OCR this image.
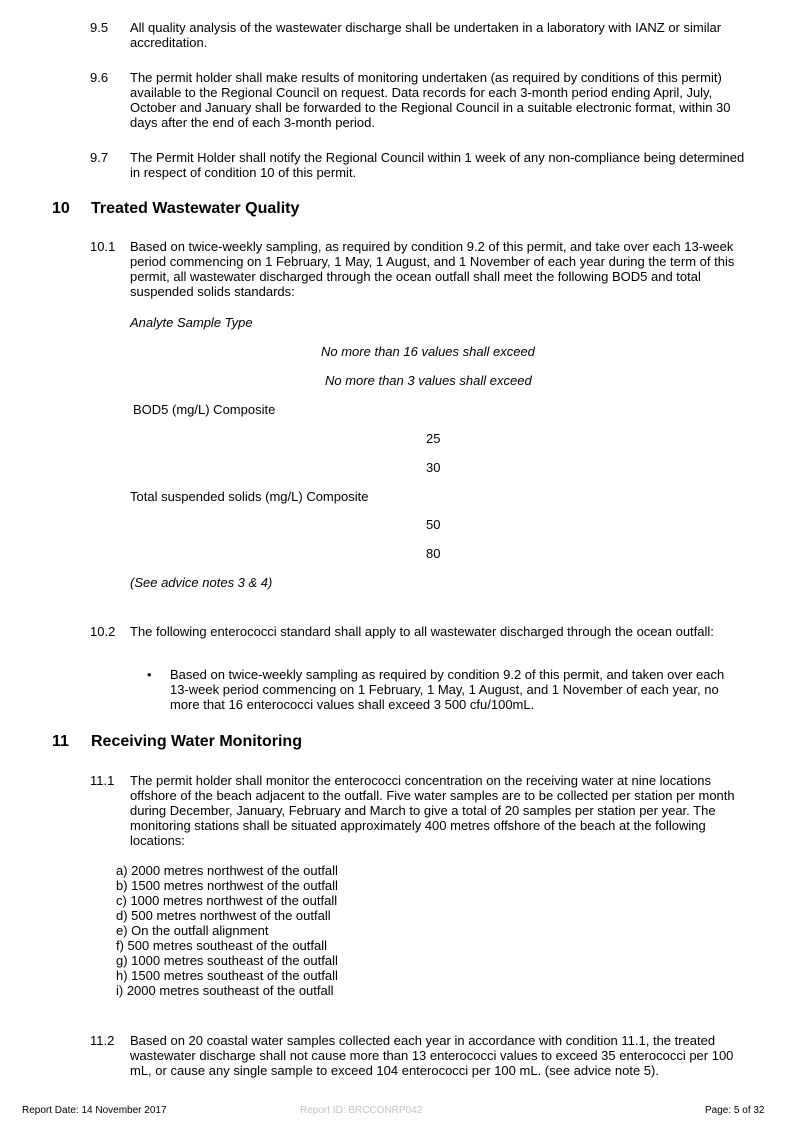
9.5 All quality analysis of the wastewater discharge shall be undertaken in a laboratory with IANZ or similar accreditation.
9.6 The permit holder shall make results of monitoring undertaken (as required by conditions of this permit) available to the Regional Council on request. Data records for each 3-month period ending April, July, October and January shall be forwarded to the Regional Council in a suitable electronic format, within 30 days after the end of each 3-month period.
9.7 The Permit Holder shall notify the Regional Council within 1 week of any non-compliance being determined in respect of condition 10 of this permit.
10 Treated Wastewater Quality
10.1 Based on twice-weekly sampling, as required by condition 9.2 of this permit, and take over each 13-week period commencing on 1 February, 1 May, 1 August, and 1 November of each year during the term of this permit, all wastewater discharged through the ocean outfall shall meet the following BOD5 and total suspended solids standards:
Analyte Sample Type
No more than 16 values shall exceed
No more than 3 values shall exceed
BOD5 (mg/L) Composite
25
30
Total suspended solids (mg/L) Composite
50
80
(See advice notes 3 & 4)
10.2 The following enterococci standard shall apply to all wastewater discharged through the ocean outfall:
• Based on twice-weekly sampling as required by condition 9.2 of this permit, and taken over each 13-week period commencing on 1 February, 1 May, 1 August, and 1 November of each year, no more that 16 enterococci values shall exceed 3 500 cfu/100mL.
11 Receiving Water Monitoring
11.1 The permit holder shall monitor the enterococci concentration on the receiving water at nine locations offshore of the beach adjacent to the outfall. Five water samples are to be collected per station per month during December, January, February and March to give a total of 20 samples per station per year. The monitoring stations shall be situated approximately 400 metres offshore of the beach at the following locations:
a) 2000 metres northwest of the outfall
b) 1500 metres northwest of the outfall
c) 1000 metres northwest of the outfall
d) 500 metres northwest of the outfall
e) On the outfall alignment
f) 500 metres southeast of the outfall
g) 1000 metres southeast of the outfall
h) 1500 metres southeast of the outfall
i) 2000 metres southeast of the outfall
11.2 Based on 20 coastal water samples collected each year in accordance with condition 11.1, the treated wastewater discharge shall not cause more than 13 enterococci values to exceed 35 enterococci per 100 mL, or cause any single sample to exceed 104 enterococci per 100 mL. (see advice note 5).
Report Date: 14 November 2017	Report ID: BRCCONRP042	Page: 5 of 32
